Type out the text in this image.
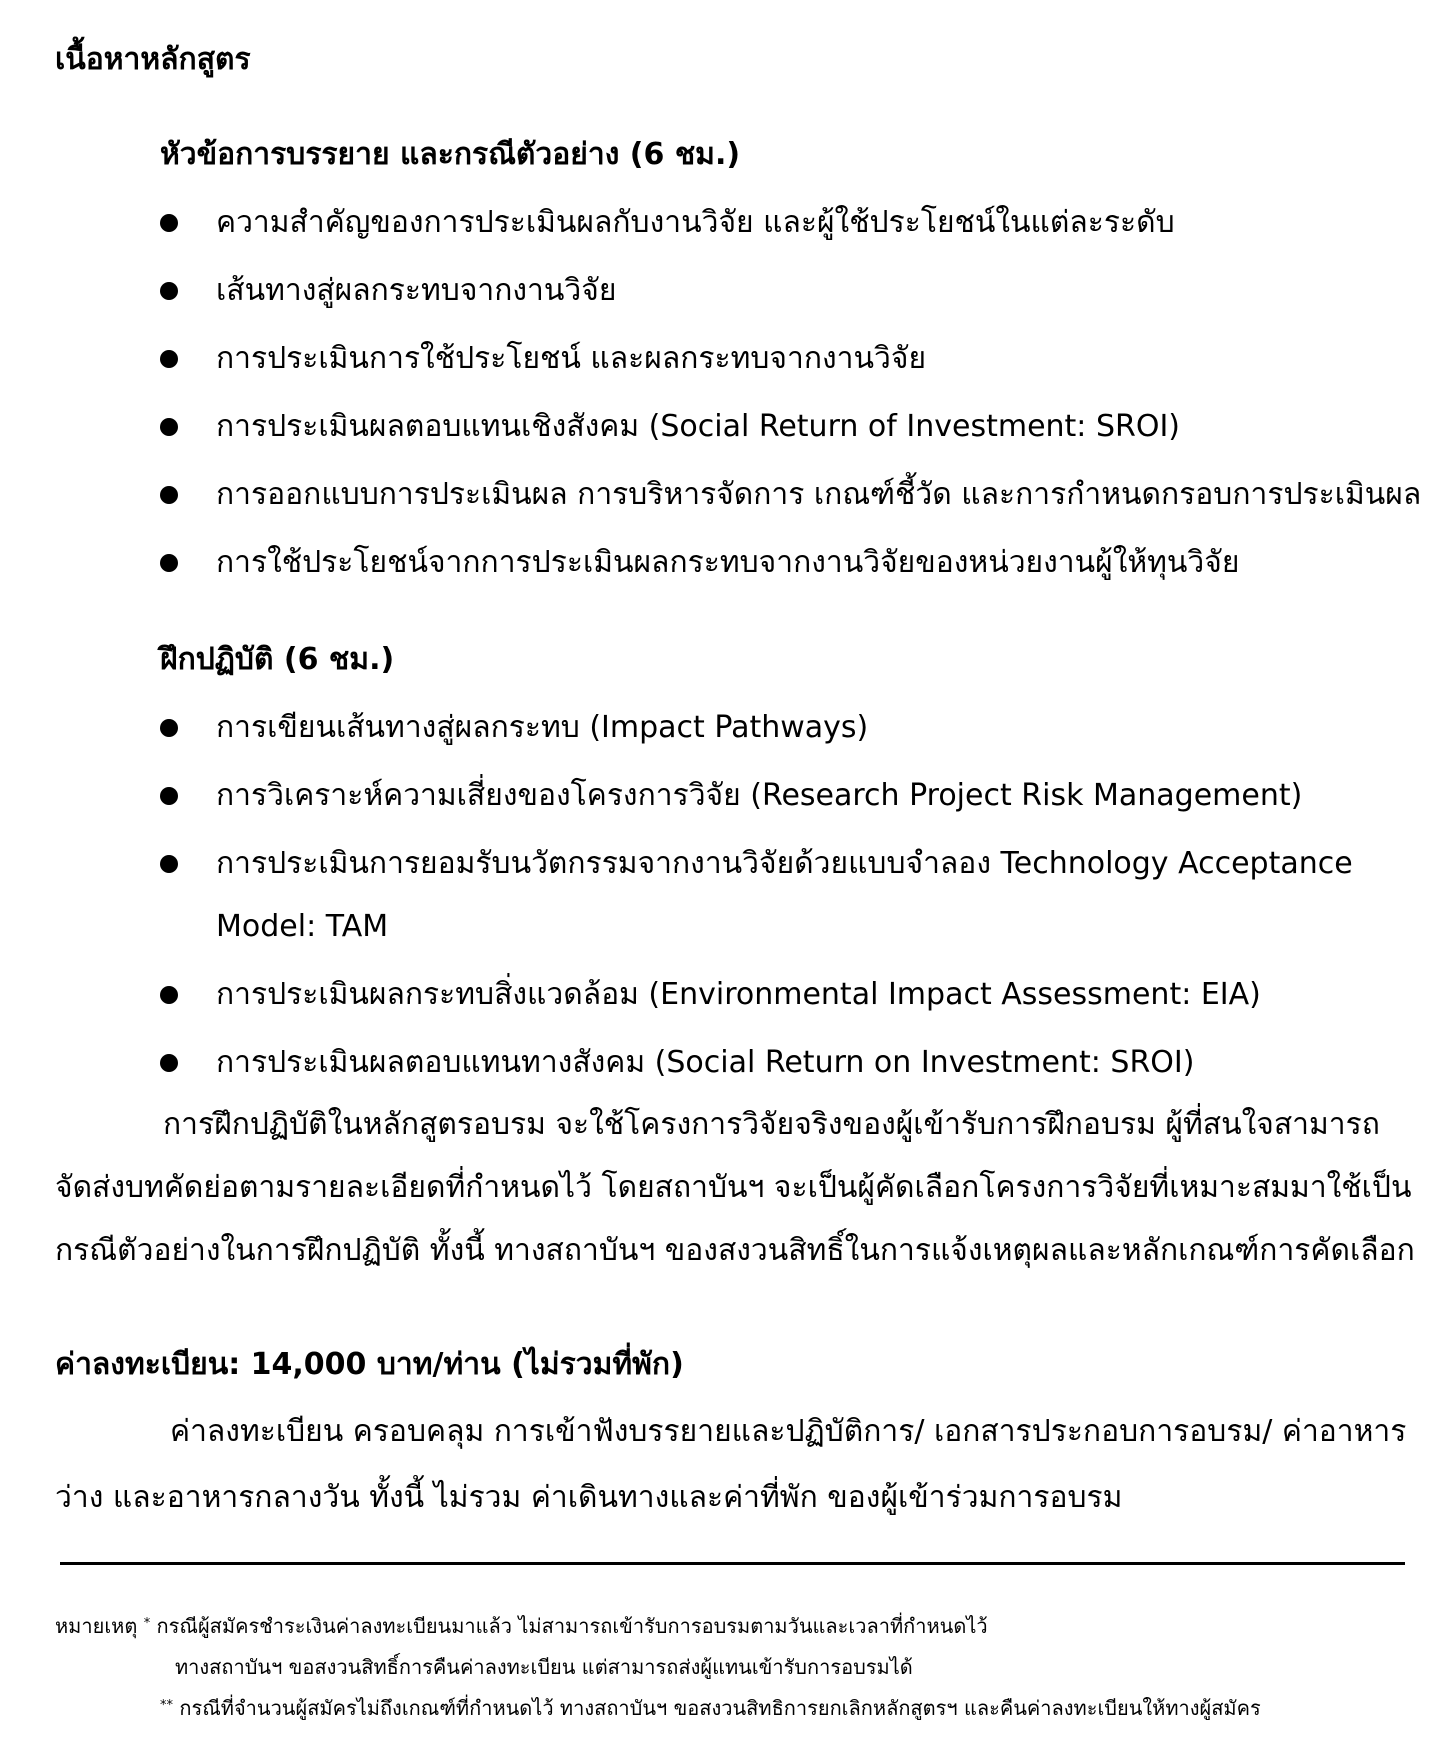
เนื้อหาหลักสูตร
หัวข้อการบรรยาย และกรณีตัวอย่าง (6 ชม.)
ความสำคัญของการประเมินผลกับงานวิจัย และผู้ใช้ประโยชน์ในแต่ละระดับ
เส้นทางสู่ผลกระทบจากงานวิจัย
การประเมินการใช้ประโยชน์ และผลกระทบจากงานวิจัย
การประเมินผลตอบแทนเชิงสังคม (Social Return of Investment: SROI)
การออกแบบการประเมินผล การบริหารจัดการ เกณฑ์ชี้วัด และการกำหนดกรอบการประเมินผล
การใช้ประโยชน์จากการประเมินผลกระทบจากงานวิจัยของหน่วยงานผู้ให้ทุนวิจัย
ฝึกปฏิบัติ (6 ชม.)
การเขียนเส้นทางสู่ผลกระทบ (Impact Pathways)
การวิเคราะห์ความเสี่ยงของโครงการวิจัย (Research Project Risk Management)
การประเมินการยอมรับนวัตกรรมจากงานวิจัยด้วยแบบจำลอง Technology Acceptance
Model: TAM
การประเมินผลกระทบสิ่งแวดล้อม (Environmental Impact Assessment: EIA)
การประเมินผลตอบแทนทางสังคม (Social Return on Investment: SROI)
การฝึกปฏิบัติในหลักสูตรอบรม จะใช้โครงการวิจัยจริงของผู้เข้ารับการฝึกอบรม ผู้ที่สนใจสามารถ
จัดส่งบทคัดย่อตามรายละเอียดที่กำหนดไว้ โดยสถาบันฯ จะเป็นผู้คัดเลือกโครงการวิจัยที่เหมาะสมมาใช้เป็น
กรณีตัวอย่างในการฝึกปฏิบัติ ทั้งนี้ ทางสถาบันฯ ของสงวนสิทธิ์ในการแจ้งเหตุผลและหลักเกณฑ์การคัดเลือก
ค่าลงทะเบียน: 14,000 บาท/ท่าน (ไม่รวมที่พัก)
ค่าลงทะเบียน ครอบคลุม การเข้าฟังบรรยายและปฏิบัติการ/ เอกสารประกอบการอบรม/ ค่าอาหาร
ว่าง และอาหารกลางวัน ทั้งนี้ ไม่รวม ค่าเดินทางและค่าที่พัก ของผู้เข้าร่วมการอบรม
หมายเหตุ * กรณีผู้สมัครชำระเงินค่าลงทะเบียนมาแล้ว ไม่สามารถเข้ารับการอบรมตามวันและเวลาที่กำหนดไว้
ทางสถาบันฯ ขอสงวนสิทธิ์การคืนค่าลงทะเบียน แต่สามารถส่งผู้แทนเข้ารับการอบรมได้
** กรณีที่จำนวนผู้สมัครไม่ถึงเกณฑ์ที่กำหนดไว้ ทางสถาบันฯ ขอสงวนสิทธิการยกเลิกหลักสูตรฯ และคืนค่าลงทะเบียนให้ทางผู้สมัคร
